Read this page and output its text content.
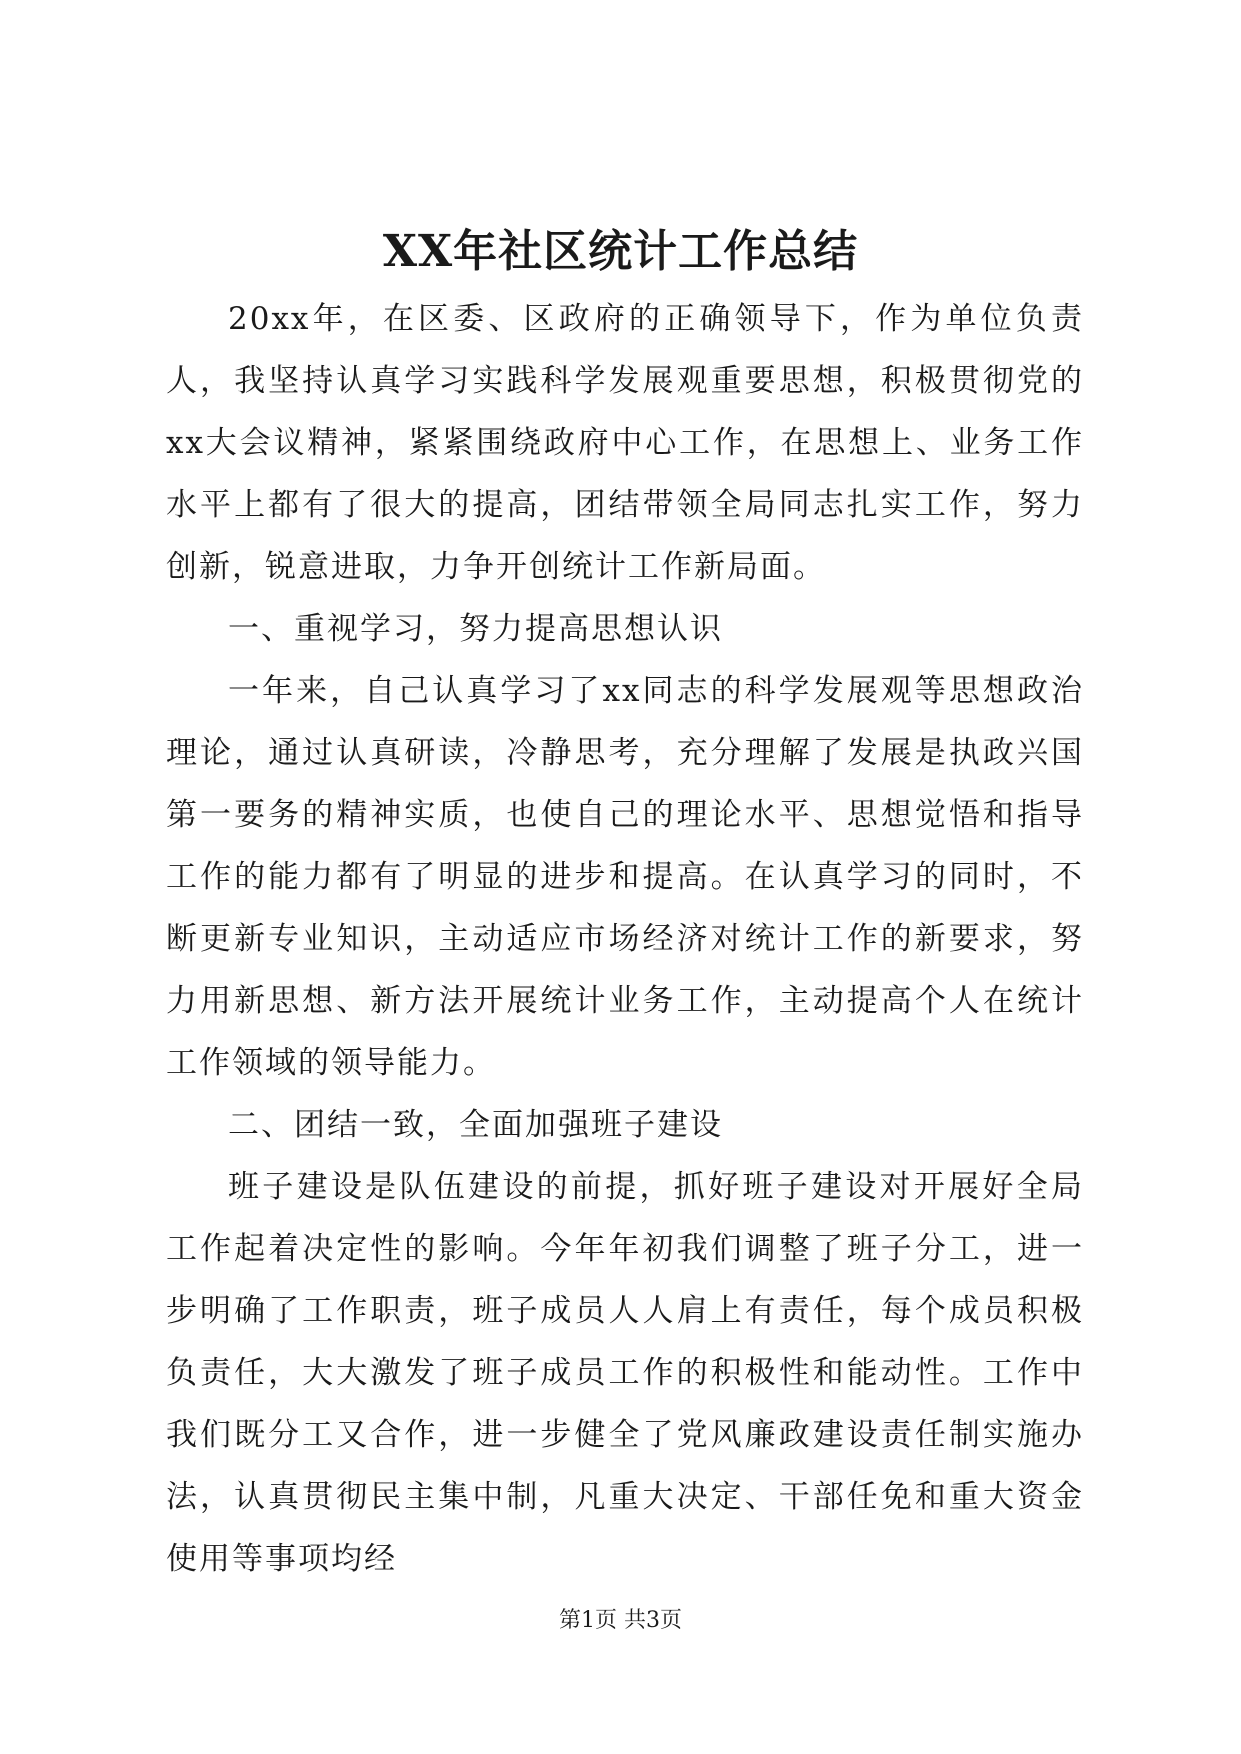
XX年社区统计工作总结

20xx年，在区委、区政府的正确领导下，作为单位负责人，我坚持认真学习实践科学发展观重要思想，积极贯彻党的xx大会议精神，紧紧围绕政府中心工作，在思想上、业务工作水平上都有了很大的提高，团结带领全局同志扎实工作，努力创新，锐意进取，力争开创统计工作新局面。

一、重视学习，努力提高思想认识

一年来，自己认真学习了xx同志的科学发展观等思想政治理论，通过认真研读，冷静思考，充分理解了发展是执政兴国第一要务的精神实质，也使自己的理论水平、思想觉悟和指导工作的能力都有了明显的进步和提高。在认真学习的同时，不断更新专业知识，主动适应市场经济对统计工作的新要求，努力用新思想、新方法开展统计业务工作，主动提高个人在统计工作领域的领导能力。

二、团结一致，全面加强班子建设

班子建设是队伍建设的前提，抓好班子建设对开展好全局工作起着决定性的影响。今年年初我们调整了班子分工，进一步明确了工作职责，班子成员人人肩上有责任，每个成员积极负责任，大大激发了班子成员工作的积极性和能动性。工作中我们既分工又合作，进一步健全了党风廉政建设责任制实施办法，认真贯彻民主集中制，凡重大决定、干部任免和重大资金使用等事项均经

第1页 共3页
